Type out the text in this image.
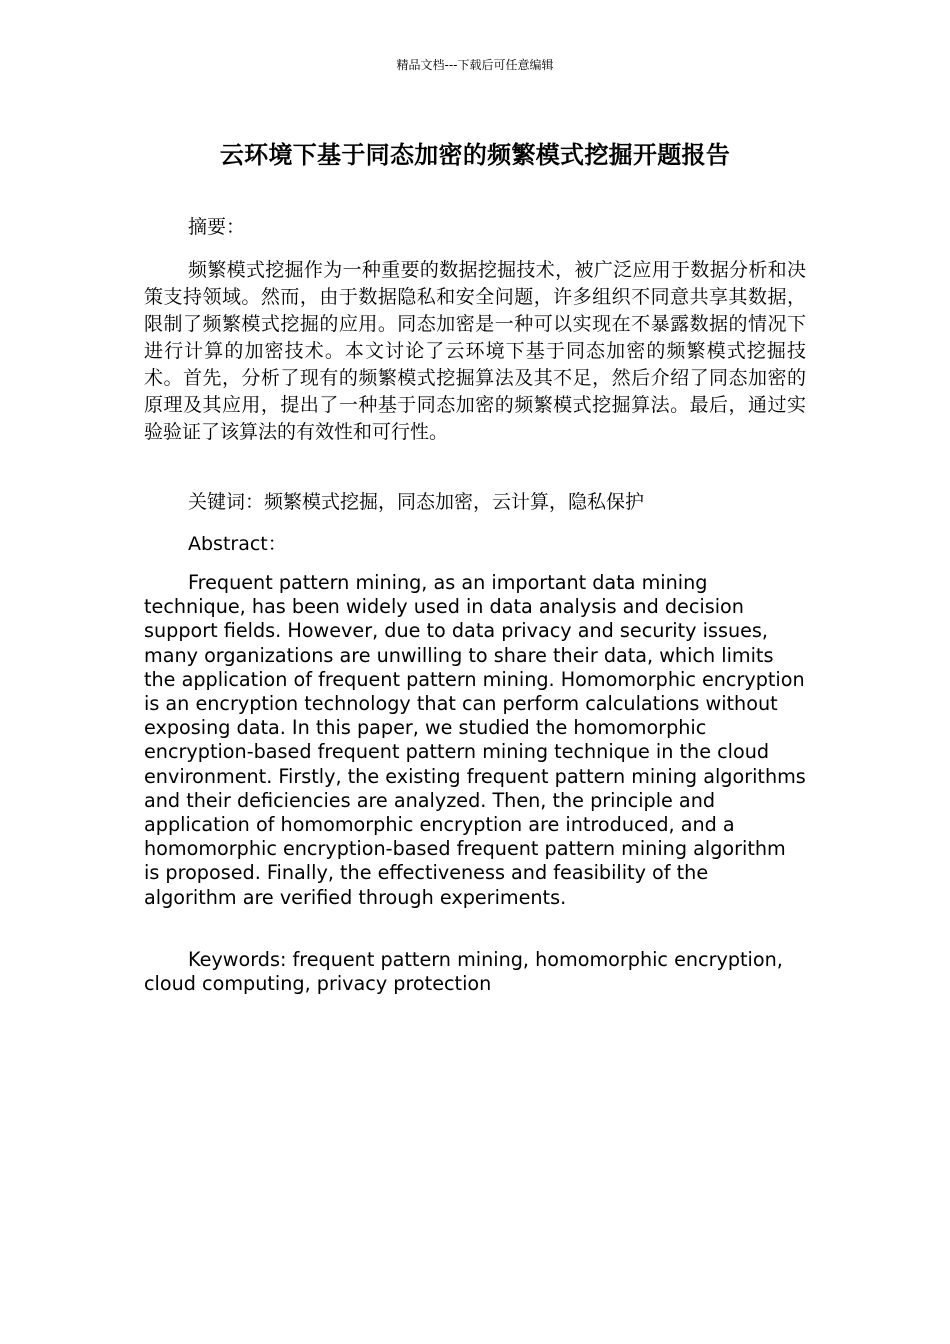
精品文档---下载后可任意编辑
云环境下基于同态加密的频繁模式挖掘开题报告

摘要：

频繁模式挖掘作为一种重要的数据挖掘技术，被广泛应用于数据分析和决策支持领域。然而，由于数据隐私和安全问题，许多组织不同意共享其数据，限制了频繁模式挖掘的应用。同态加密是一种可以实现在不暴露数据的情况下进行计算的加密技术。本文讨论了云环境下基于同态加密的频繁模式挖掘技术。首先，分析了现有的频繁模式挖掘算法及其不足，然后介绍了同态加密的原理及其应用，提出了一种基于同态加密的频繁模式挖掘算法。最后，通过实验验证了该算法的有效性和可行性。

关键词：频繁模式挖掘，同态加密，云计算，隐私保护

Abstract：

Frequent pattern mining, as an important data mining technique, has been widely used in data analysis and decision support fields. However, due to data privacy and security issues, many organizations are unwilling to share their data, which limits the application of frequent pattern mining. Homomorphic encryption is an encryption technology that can perform calculations without exposing data. In this paper, we studied the homomorphic encryption-based frequent pattern mining technique in the cloud environment. Firstly, the existing frequent pattern mining algorithms and their deficiencies are analyzed. Then, the principle and application of homomorphic encryption are introduced, and a homomorphic encryption-based frequent pattern mining algorithm is proposed. Finally, the effectiveness and feasibility of the algorithm are verified through experiments.

Keywords: frequent pattern mining, homomorphic encryption, cloud computing, privacy protection
